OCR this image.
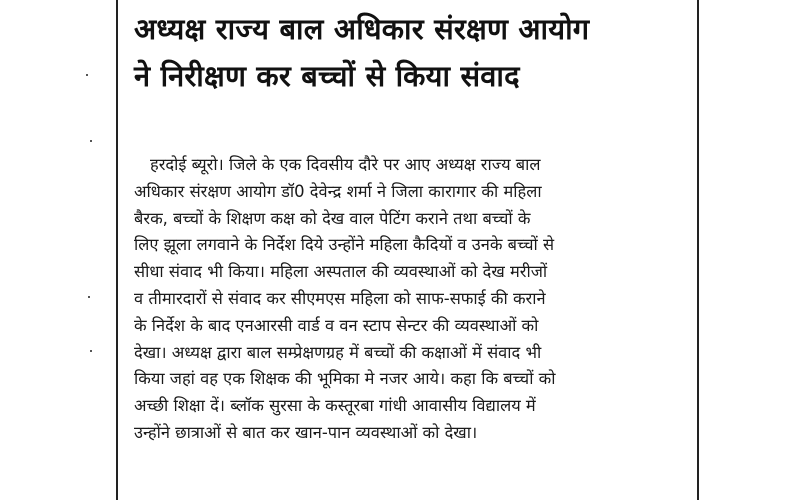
अध्यक्ष राज्य बाल अधिकार संरक्षण आयोग
ने निरीक्षण कर बच्चों से किया संवाद
हरदोई ब्यूरो। जिले के एक दिवसीय दौरे पर आए अध्यक्ष राज्य बाल
अधिकार संरक्षण आयोग डॉ0 देवेन्द्र शर्मा ने जिला कारागार की महिला
बैरक, बच्चों के शिक्षण कक्ष को देख वाल पेटिंग कराने तथा बच्चों के
लिए झूला लगवाने के निर्देश दिये उन्होंने महिला कैदियों व उनके बच्चों से
सीधा संवाद भी किया। महिला अस्पताल की व्यवस्थाओं को देख मरीजों
व तीमारदारों से संवाद कर सीएमएस महिला को साफ-सफाई की कराने
के निर्देश के बाद एनआरसी वार्ड व वन स्टाप सेन्टर की व्यवस्थाओं को
देखा। अध्यक्ष द्वारा बाल सम्प्रेक्षणग्रह में बच्चों की कक्षाओं में संवाद भी
किया जहां वह एक शिक्षक की भूमिका मे नजर आये। कहा कि बच्चों को
अच्छी शिक्षा दें। ब्लॉक सुरसा के कस्तूरबा गांधी आवासीय विद्यालय में
उन्होंने छात्राओं से बात कर खान-पान व्यवस्थाओं को देखा।
